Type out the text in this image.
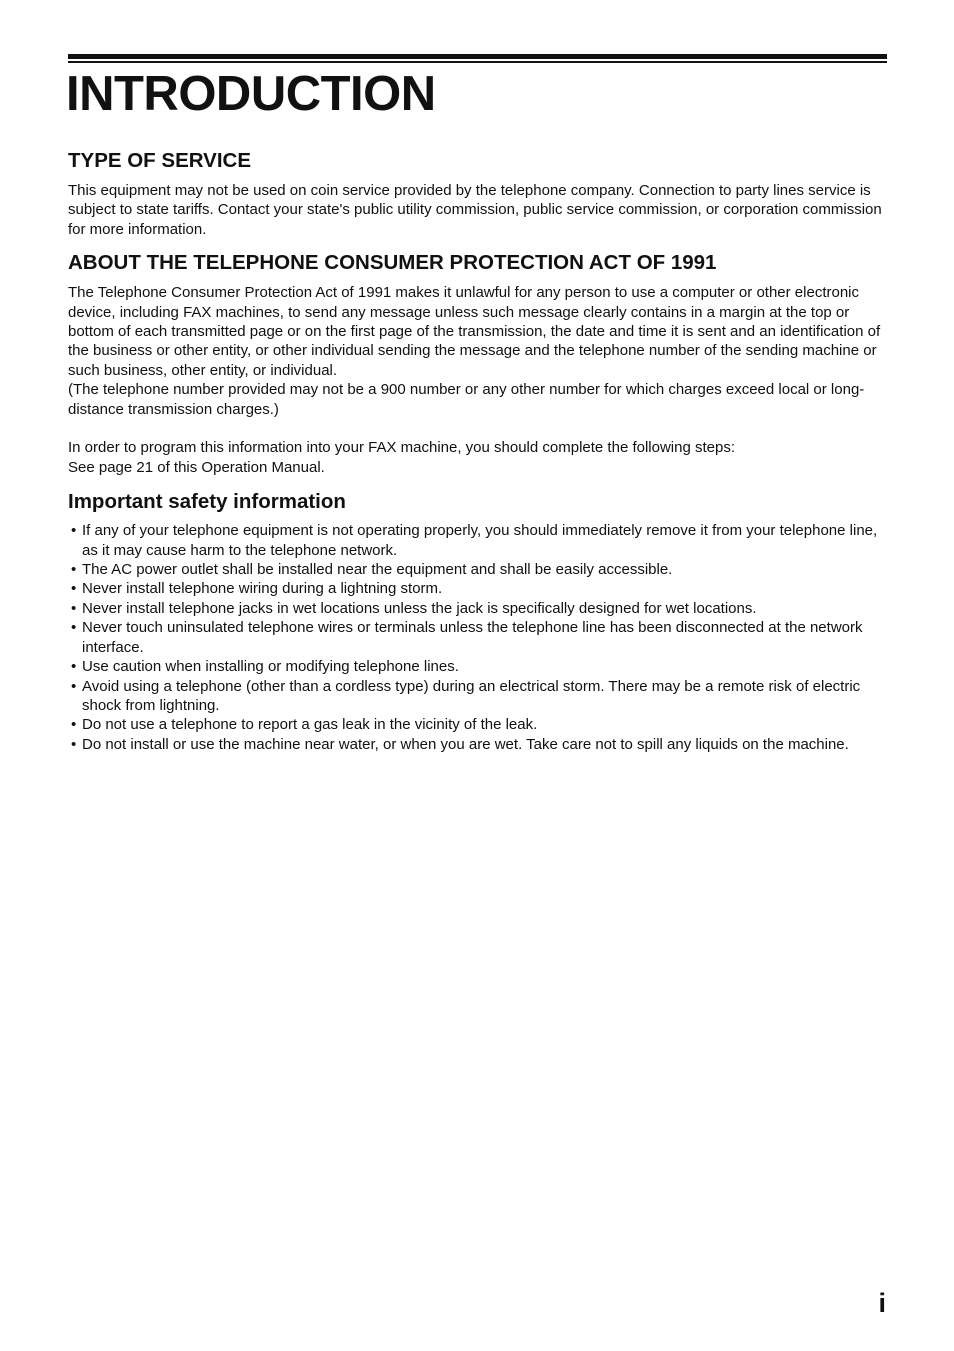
INTRODUCTION
TYPE OF SERVICE

This equipment may not be used on coin service provided by the telephone company. Connection to party lines service is subject to state tariffs. Contact your state's public utility commission, public service commission, or corporation commission for more information.

ABOUT THE TELEPHONE CONSUMER PROTECTION ACT OF 1991

The Telephone Consumer Protection Act of 1991 makes it unlawful for any person to use a computer or other electronic device, including FAX machines, to send any message unless such message clearly contains in a margin at the top or bottom of each transmitted page or on the first page of the transmission, the date and time it is sent and an identification of the business or other entity, or other individual sending the message and the telephone number of the sending machine or such business, other entity, or individual.
(The telephone number provided may not be a 900 number or any other number for which charges exceed local or long-distance transmission charges.)

In order to program this information into your FAX machine, you should complete the following steps:
See page 21 of this Operation Manual.

Important safety information
• If any of your telephone equipment is not operating properly, you should immediately remove it from your telephone line, as it may cause harm to the telephone network.
• The AC power outlet shall be installed near the equipment and shall be easily accessible.
• Never install telephone wiring during a lightning storm.
• Never install telephone jacks in wet locations unless the jack is specifically designed for wet locations.
• Never touch uninsulated telephone wires or terminals unless the telephone line has been disconnected at the network interface.
• Use caution when installing or modifying telephone lines.
• Avoid using a telephone (other than a cordless type) during an electrical storm. There may be a remote risk of electric shock from lightning.
• Do not use a telephone to report a gas leak in the vicinity of the leak.
• Do not install or use the machine near water, or when you are wet. Take care not to spill any liquids on the machine.
i
